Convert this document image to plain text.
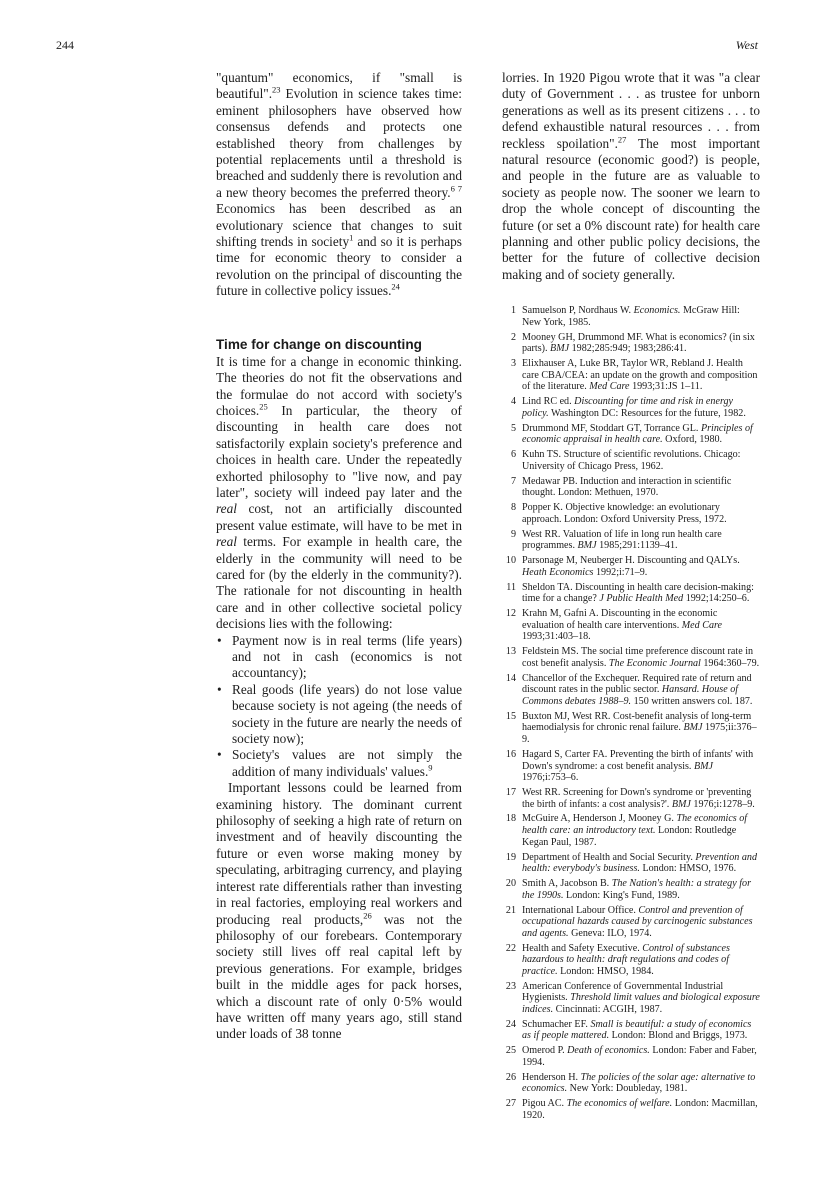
244	West

"quantum" economics, if "small is beautiful".$^{23}$ Evolution in science takes time: eminent philosophers have observed how consensus defends and protects one established theory from challenges by potential replacements until a threshold is breached and suddenly there is revolution and a new theory becomes the preferred theory.$^{6 7}$ Economics has been described as an evolutionary science that changes to suit shifting trends in society$^1$ and so it is perhaps time for economic theory to consider a revolution on the principal of discounting the future in collective policy issues.$^{24}$

Time for change on discounting

It is time for a change in economic thinking. The theories do not fit the observations and the formulae do not accord with society's choices.$^{25}$ In particular, the theory of discounting in health care does not satisfactorily explain society's preference and choices in health care. Under the repeatedly exhorted philosophy to "live now, and pay later", society will indeed pay later and the real cost, not an artificially discounted present value estimate, will have to be met in real terms. For example in health care, the elderly in the community will need to be cared for (by the elderly in the community?). The rationale for not discounting in health care and in other collective societal policy decisions lies with the following:

• Payment now is in real terms (life years) and not in cash (economics is not accountancy);
• Real goods (life years) do not lose value because society is not ageing (the needs of society in the future are nearly the needs of society now);
• Society's values are not simply the addition of many individuals' values.$^9$

Important lessons could be learned from examining history. The dominant current philosophy of seeking a high rate of return on investment and of heavily discounting the future or even worse making money by speculating, arbitraging currency, and playing interest rate differentials rather than investing in real factories, employing real workers and producing real products,$^{26}$ was not the philosophy of our forebears. Contemporary society still lives off real capital left by previous generations. For example, bridges built in the middle ages for pack horses, which a discount rate of only 0·5% would have written off many years ago, still stand under loads of 38 tonne

lorries. In 1920 Pigou wrote that it was "a clear duty of Government . . . as trustee for unborn generations as well as its present citizens . . . to defend exhaustible natural resources . . . from reckless spoilation".$^{27}$ The most important natural resource (economic good?) is people, and people in the future are as valuable to society as people now. The sooner we learn to drop the whole concept of discounting the future (or set a 0% discount rate) for health care planning and other public policy decisions, the better for the future of collective decision making and of society generally.

1 Samuelson P, Nordhaus W. Economics. McGraw Hill: New York, 1985.
2 Mooney GH, Drummond MF. What is economics? (in six parts). BMJ 1982;285:949; 1983;286:41.
3 Elixhauser A, Luke BR, Taylor WR, Rebland J. Health care CBA/CEA: an update on the growth and composition of the literature. Med Care 1993;31:JS 1–11.
4 Lind RC ed. Discounting for time and risk in energy policy. Washington DC: Resources for the future, 1982.
5 Drummond MF, Stoddart GT, Torrance GL. Principles of economic appraisal in health care. Oxford, 1980.
6 Kuhn TS. Structure of scientific revolutions. Chicago: University of Chicago Press, 1962.
7 Medawar PB. Induction and interaction in scientific thought. London: Methuen, 1970.
8 Popper K. Objective knowledge: an evolutionary approach. London: Oxford University Press, 1972.
9 West RR. Valuation of life in long run health care programmes. BMJ 1985;291:1139–41.
10 Parsonage M, Neuberger H. Discounting and QALYs. Heath Economics 1992;i:71–9.
11 Sheldon TA. Discounting in health care decision-making: time for a change? J Public Health Med 1992;14:250–6.
12 Krahn M, Gafni A. Discounting in the economic evaluation of health care interventions. Med Care 1993;31:403–18.
13 Feldstein MS. The social time preference discount rate in cost benefit analysis. The Economic Journal 1964:360–79.
14 Chancellor of the Exchequer. Required rate of return and discount rates in the public sector. Hansard. House of Commons debates 1988–9. 150 written answers col. 187.
15 Buxton MJ, West RR. Cost-benefit analysis of long-term haemodialysis for chronic renal failure. BMJ 1975;ii:376–9.
16 Hagard S, Carter FA. Preventing the birth of infants' with Down's syndrome: a cost benefit analysis. BMJ 1976;i:753–6.
17 West RR. Screening for Down's syndrome or 'preventing the birth of infants: a cost analysis?'. BMJ 1976;i:1278–9.
18 McGuire A, Henderson J, Mooney G. The economics of health care: an introductory text. London: Routledge Kegan Paul, 1987.
19 Department of Health and Social Security. Prevention and health: everybody's business. London: HMSO, 1976.
20 Smith A, Jacobson B. The Nation's health: a strategy for the 1990s. London: King's Fund, 1989.
21 International Labour Office. Control and prevention of occupational hazards caused by carcinogenic substances and agents. Geneva: ILO, 1974.
22 Health and Safety Executive. Control of substances hazardous to health: draft regulations and codes of practice. London: HMSO, 1984.
23 American Conference of Governmental Industrial Hygienists. Threshold limit values and biological exposure indices. Cincinnati: ACGIH, 1987.
24 Schumacher EF. Small is beautiful: a study of economics as if people mattered. London: Blond and Briggs, 1973.
25 Omerod P. Death of economics. London: Faber and Faber, 1994.
26 Henderson H. The policies of the solar age: alternative to economics. New York: Doubleday, 1981.
27 Pigou AC. The economics of welfare. London: Macmillan, 1920.
